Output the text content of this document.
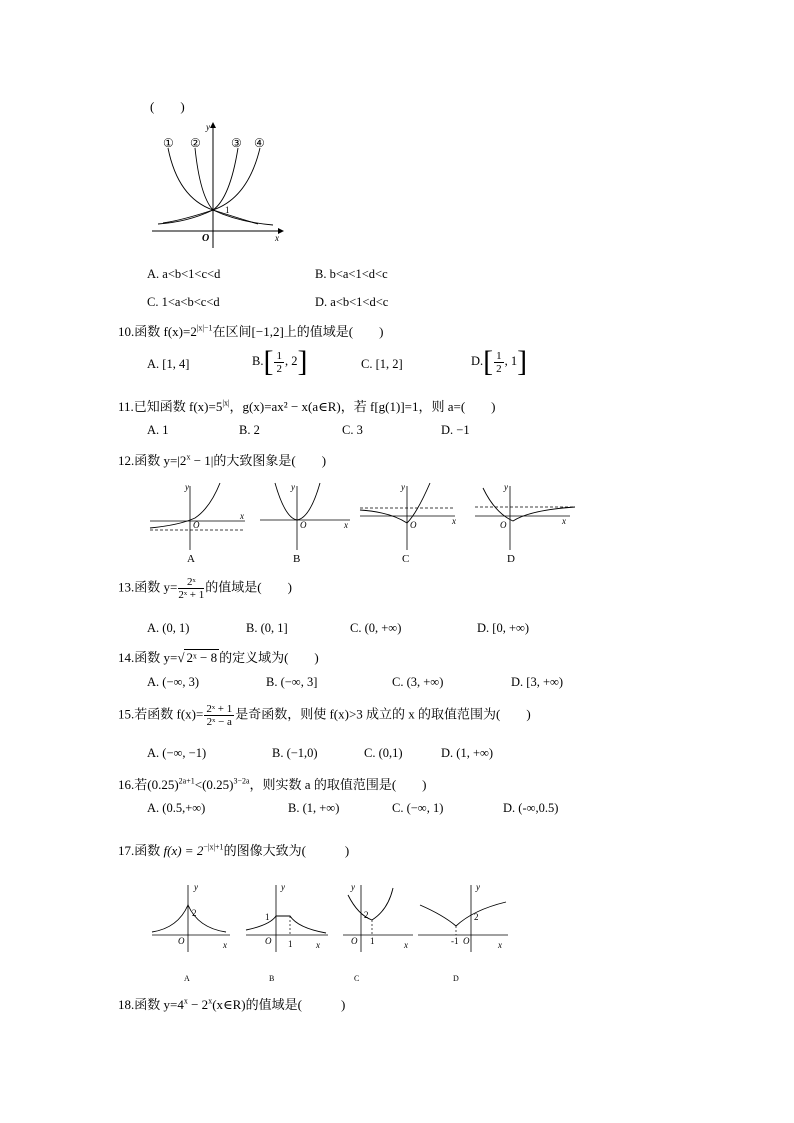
(　　)
y
x
O
1
① ②	③ ④
A. a<b<1<c<d	B. b<a<1<d<c
C. 1<a<b<c<d	D. a<b<1<d<c
10.函数 $f(x)=2^{|x|-1}$在区间[−1,2]上的值域是(　　)
A. [1, 4]	$B.[ \frac{1}{2}$ , 2]	C. [1, 2]	$D.[ \frac{1}{2}$ , 1]
11.已知函数 $f(x)=5^{|x|}$，g(x)=ax² − x(a∈R)，若 f[g(1)]=1，则 a=(　　)
A. 1	B. 2	C. 3	D. −1
12.函数 $y=|2^x - 1|$的大致图象是(　　)
y
x
O
A
y
x
O
B
y
x
O
C
y
x
O
D
13.函数 $y= \frac{\text{2ˣ}}{\text{2ˣ + 1}}$ 的值域是(　　)
A. (0, 1)	B. (0, 1]	C. (0, +∞)	D. [0, +∞)
14.函数 y=√ 2ˣ − 8 的定义域为(　　)
A. (−∞, 3)	B. (−∞, 3]	C. (3, +∞)	D. [3, +∞)
15.若函数 $f(x)= \frac{\text{2ˣ + 1}}{\text{2ˣ − a}}$ 是奇函数，则使 f(x)>3 成立的 x 的取值范围为(　　)
A. (−∞, −1)	B. (−1,0)	C. (0,1)	D. (1, +∞)
16.若$(0.25)^{2a+1}<(0.25)^{3-2a}$，则实数 a 的取值范围是(　　)
A. (0.5,+∞)	B. (1, +∞)	C. (−∞, 1)	D. (-∞,0.5)
17.函数 $f(x) = 2^{-|x|+1}$的图像大致为(　　　)
y
2
O	x
A
y
1
O 1	x
B
y
2
O 1	x
C
y
2
-1 O	x
D
18.函数 $y=4^x$ − $2^x(x\in R)$的值域是(　　　)
